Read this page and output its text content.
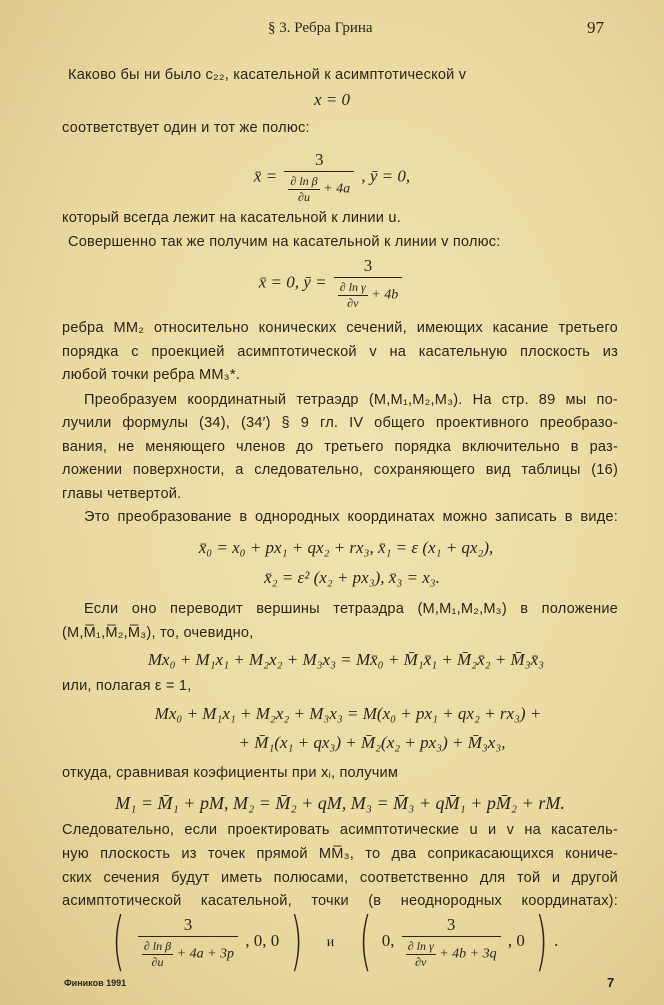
§ 3. Ребра Грина	97
Каково бы ни было c₂₂, касательной к асимптотической v
x = 0
соответствует один и тот же полюс:
x̄ = $\frac{3}{\frac{\text{∂ ln β}}{\partial u} + 4a}$ , ȳ = 0,
который всегда лежит на касательной к линии u.
Совершенно так же получим на касательной к линии v полюс:
x̄ = 0, ȳ = $\frac{3}{\frac{\text{∂ ln γ}}{\partial v} + 4b}$
ребра MM₂ относительно конических сечений, имеющих касание третьего
порядка с проекцией асимптотической v на касательную плоскость из
любой точки ребра MM₃*.
Преобразуем координатный тетраэдр (M,M₁,M₂,M₃). На стр. 89 мы по-
лучили формулы (34), (34′) § 9 гл. IV общего проективного преобразо-
вания, не меняющего членов до третьего порядка включительно в раз-
ложении поверхности, а следовательно, сохраняющего вид таблицы (16)
главы четвертой.
Это преобразование в однородных координатах можно записать в виде:
x̄₀ = x₀ + px₁ + qx₂ + rx₃, x̄₁ = ε (x₁ + qx₂),
x̄₂ = ε² (x₂ + px₃), x̄₃ = x₃.
Если оно переводит вершины тетраэдра (M,M₁,M₂,M₃) в положение
(M,M̅₁,M̅₂,M̅₃), то, очевидно,
Mx₀ + M₁x₁ + M₂x₂ + M₃x₃ = Mx̄₀ + M̄₁x̄₁ + M̄₂x̄₂ + M̄₃x̄₃
или, полагая ε = 1,
Mx₀ + M₁x₁ + M₂x₂ + M₃x₃ = M(x₀ + px₁ + qx₂ + rx₃) +
+ M̄₁(x₁ + qx₃) + M̄₂(x₂ + px₃) + M̄₃x₃,
откуда, сравнивая коэфициенты при xᵢ, получим
M₁ = M̄₁ + pM, M₂ = M̄₂ + qM, M₃ = M̄₃ + qM̄₁ + pM̄₂ + rM.
Следовательно, если проектировать асимптотические u и v на касатель-
ную плоскость из точек прямой MM̅₃, то два соприкасающихся кониче-
ских сечения будут иметь полюсами, соответственно для той и другой
асимптотической касательной, точки (в неоднородных координатах):
( $\frac{3}{\frac{\text{∂ ln β}}{\partial u} + 4a + 3p}$ , 0, 0 ) и ( 0, $\frac{3}{\frac{\text{∂ ln γ}}{\partial v} + 4b + 3q}$ , 0 ) .
Фиников 1991	7
